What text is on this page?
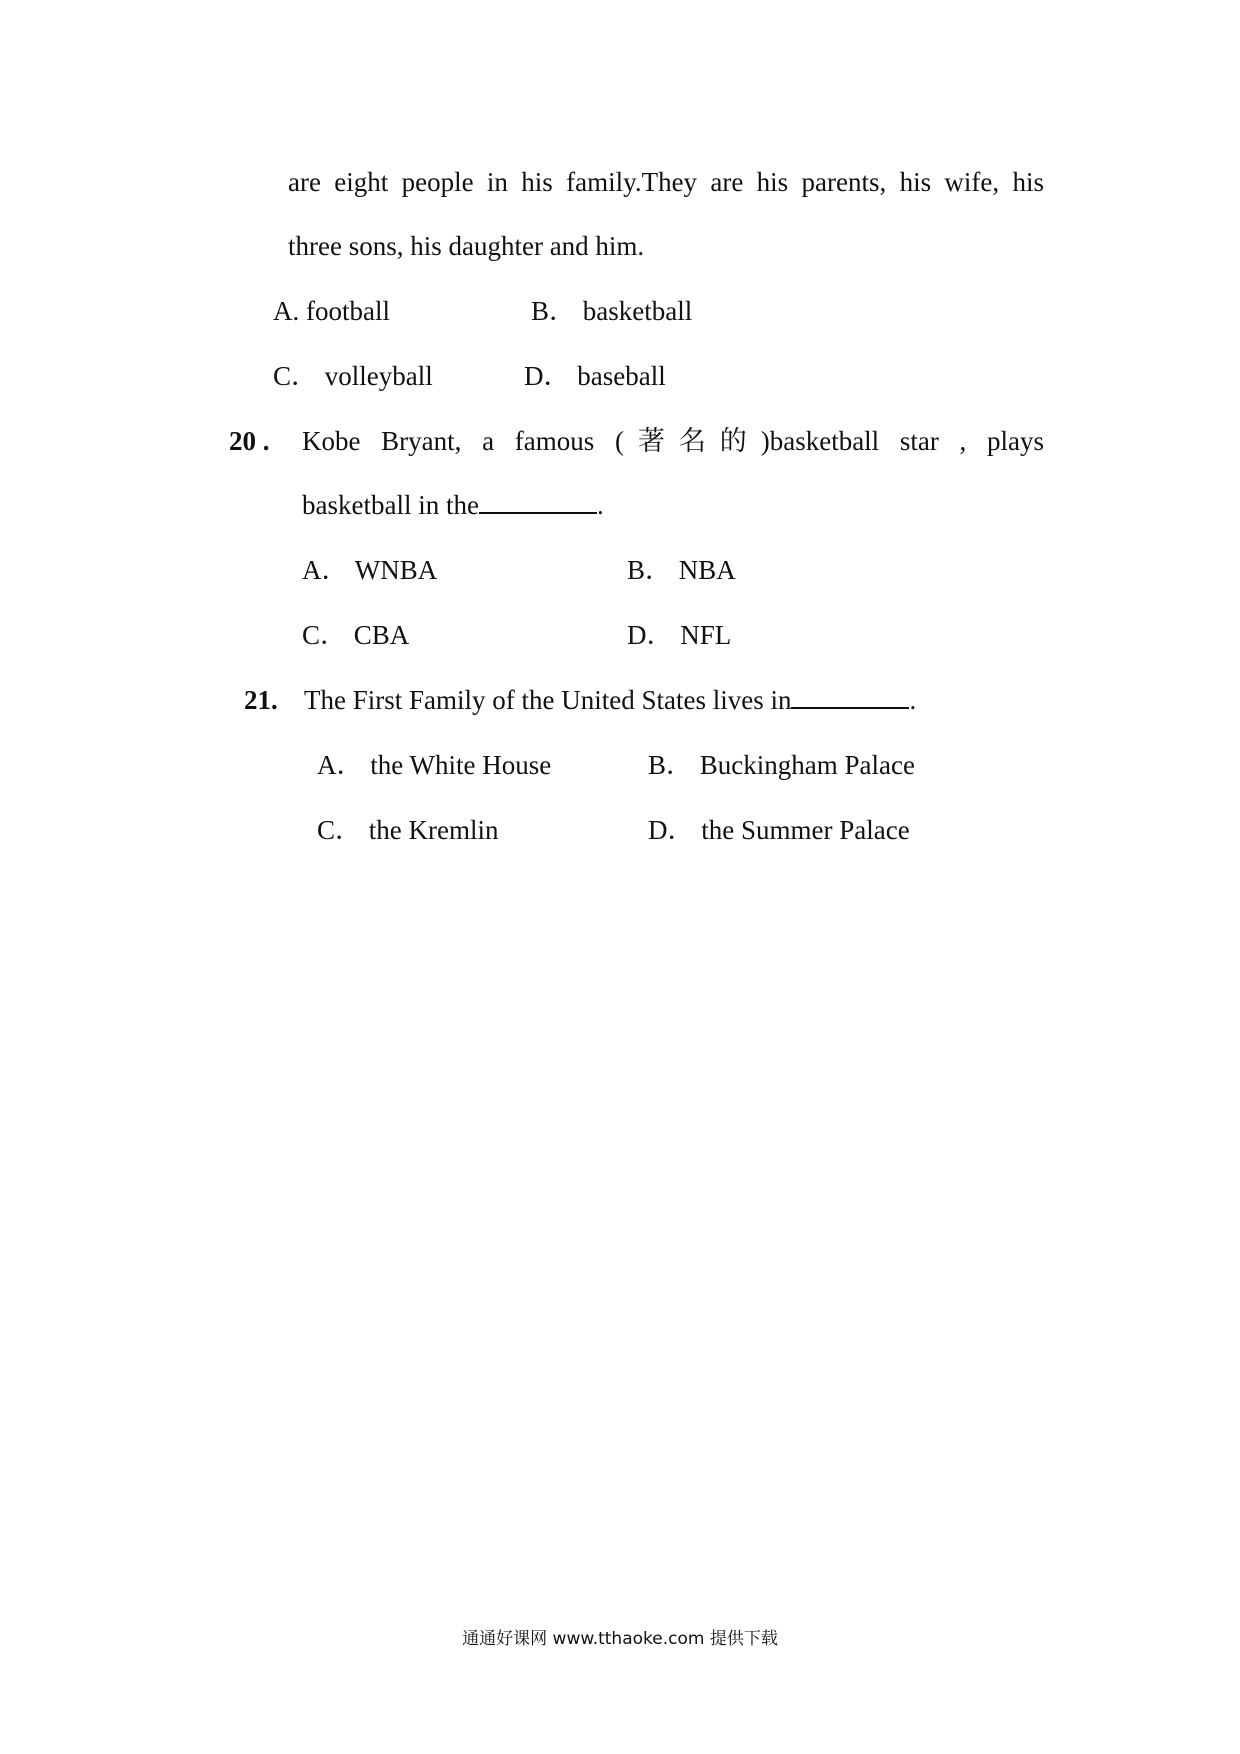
are eight people in his family.They are his parents, his wife, his
three sons, his daughter and him.
A. football	B． basketball
C． volleyball	D． baseball
20 . Kobe Bryant, a famous (著名的)basketball star , plays
basketball in the	.
A． WNBA	B． NBA
C． CBA	D． NFL
21. The First Family of the United States lives in	.
A． the White House	B． Buckingham Palace
C． the Kremlin	D． the Summer Palace
通通好课网 www.tthaoke.com 提供下载
